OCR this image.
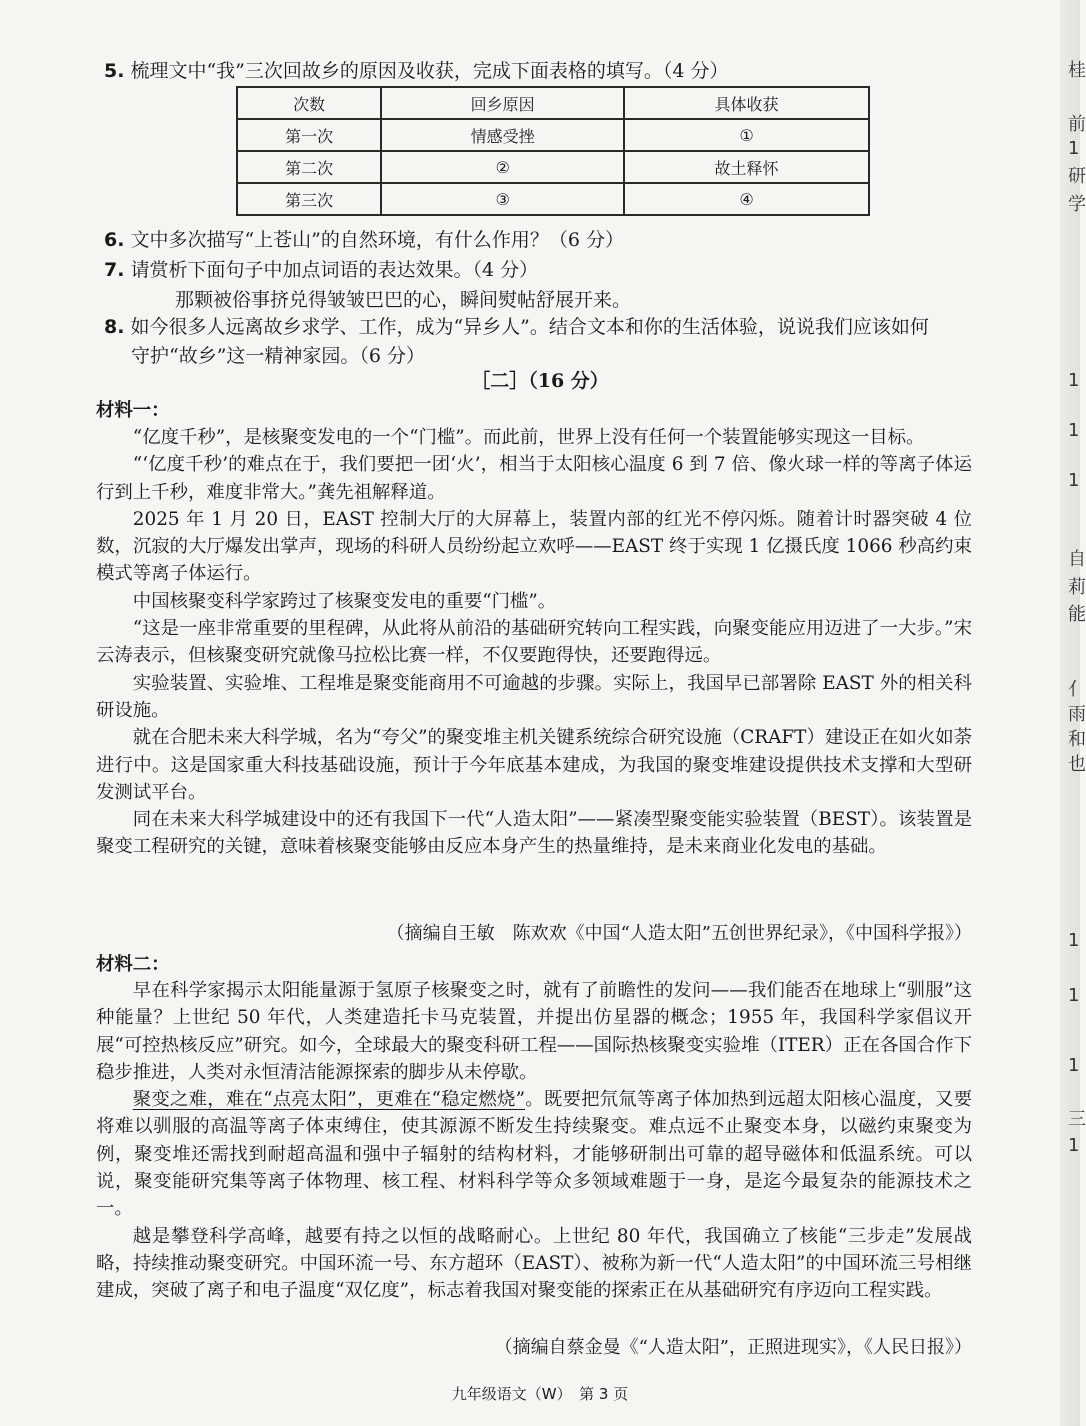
5. 梳理文中“我”三次回故乡的原因及收获，完成下面表格的填写。（4 分）
次数	回乡原因	具体收获
第一次	情感受挫	①
第二次	②	故土释怀
第三次	③	④
6. 文中多次描写“上苍山”的自然环境，有什么作用？（6 分）
7. 请赏析下面句子中加点词语的表达效果。（4 分）
那颗被俗事挤兑得皱皱巴巴的心，瞬间熨帖舒展开来。
8. 如今很多人远离故乡求学、工作，成为“异乡人”。结合文本和你的生活体验，说说我们应该如何
守护“故乡”这一精神家园。（6 分）
［二］（16 分）
材料一：

“亿度千秒”，是核聚变发电的一个“门槛”。而此前，世界上没有任何一个装置能够实现这一目标。

“‘亿度千秒’的难点在于，我们要把一团‘火’，相当于太阳核心温度 6 到 7 倍、像火球一样的等离子体运行到上千秒，难度非常大。”龚先祖解释道。

2025 年 1 月 20 日，EAST 控制大厅的大屏幕上，装置内部的红光不停闪烁。随着计时器突破 4 位数，沉寂的大厅爆发出掌声，现场的科研人员纷纷起立欢呼——EAST 终于实现 1 亿摄氏度 1066 秒高约束模式等离子体运行。

中国核聚变科学家跨过了核聚变发电的重要“门槛”。

“这是一座非常重要的里程碑，从此将从前沿的基础研究转向工程实践，向聚变能应用迈进了一大步。”宋云涛表示，但核聚变研究就像马拉松比赛一样，不仅要跑得快，还要跑得远。

实验装置、实验堆、工程堆是聚变能商用不可逾越的步骤。实际上，我国早已部署除 EAST 外的相关科研设施。

就在合肥未来大科学城，名为“夸父”的聚变堆主机关键系统综合研究设施（CRAFT）建设正在如火如荼进行中。这是国家重大科技基础设施，预计于今年底基本建成，为我国的聚变堆建设提供技术支撑和大型研发测试平台。

同在未来大科学城建设中的还有我国下一代“人造太阳”——紧凑型聚变能实验装置（BEST）。该装置是聚变工程研究的关键，意味着核聚变能够由反应本身产生的热量维持，是未来商业化发电的基础。

（摘编自王敏　陈欢欢《中国“人造太阳”五创世界纪录》，《中国科学报》）
材料二：

早在科学家揭示太阳能量源于氢原子核聚变之时，就有了前瞻性的发问——我们能否在地球上“驯服”这种能量？上世纪 50 年代，人类建造托卡马克装置，并提出仿星器的概念；1955 年，我国科学家倡议开展“可控热核反应”研究。如今，全球最大的聚变科研工程——国际热核聚变实验堆（ITER）正在各国合作下稳步推进，人类对永恒清洁能源探索的脚步从未停歇。

聚变之难，难在“点亮太阳”，更难在“稳定燃烧”。既要把氘氚等离子体加热到远超太阳核心温度，又要将难以驯服的高温等离子体束缚住，使其源源不断发生持续聚变。难点远不止聚变本身，以磁约束聚变为例，聚变堆还需找到耐超高温和强中子辐射的结构材料，才能够研制出可靠的超导磁体和低温系统。可以说，聚变能研究集等离子体物理、核工程、材料科学等众多领域难题于一身，是迄今最复杂的能源技术之一。

越是攀登科学高峰，越要有持之以恒的战略耐心。上世纪 80 年代，我国确立了核能“三步走”发展战略，持续推动聚变研究。中国环流一号、东方超环（EAST）、被称为新一代“人造太阳”的中国环流三号相继建成，突破了离子和电子温度“双亿度”，标志着我国对聚变能的探索正在从基础研究有序迈向工程实践。

（摘编自蔡金曼《“人造太阳”，正照进现实》，《人民日报》）
九年级语文（W）　第 3 页
桂
前
1
研
学
1
1
1
自
莉
能
亻
雨
和
也
1
1
1
三
1
